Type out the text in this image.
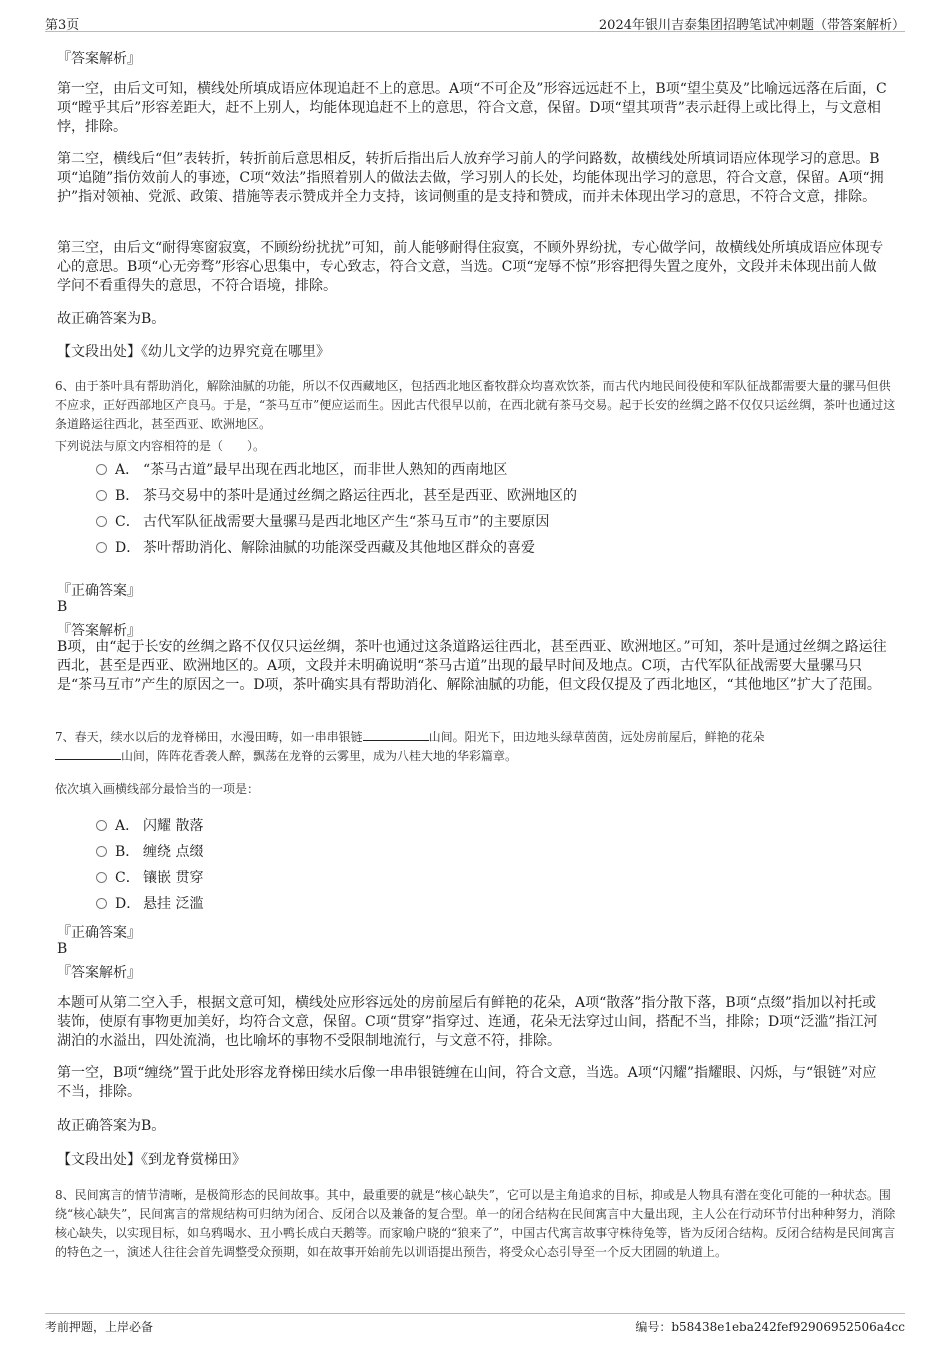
第3页	2024年银川吉泰集团招聘笔试冲刺题（带答案解析）
『答案解析』
第一空，由后文可知，横线处所填成语应体现追赶不上的意思。A项“不可企及”形容远远赶不上，B项“望尘莫及”比喻远远落在后面，C项“瞠乎其后”形容差距大，赶不上别人，均能体现追赶不上的意思，符合文意，保留。D项“望其项背”表示赶得上或比得上，与文意相悖，排除。
第二空，横线后“但”表转折，转折前后意思相反，转折后指出后人放弃学习前人的学问路数，故横线处所填词语应体现学习的意思。B项“追随”指仿效前人的事迹，C项“效法”指照着别人的做法去做，学习别人的长处，均能体现出学习的意思，符合文意，保留。A项“拥护”指对领袖、党派、政策、措施等表示赞成并全力支持，该词侧重的是支持和赞成，而并未体现出学习的意思，不符合文意，排除。
第三空，由后文“耐得寒窗寂寞，不顾纷纷扰扰”可知，前人能够耐得住寂寞，不顾外界纷扰，专心做学问，故横线处所填成语应体现专心的意思。B项“心无旁骛”形容心思集中，专心致志，符合文意，当选。C项“宠辱不惊”形容把得失置之度外，文段并未体现出前人做学问不看重得失的意思，不符合语境，排除。
故正确答案为B。
【文段出处】《幼儿文学的边界究竟在哪里》
6、由于茶叶具有帮助消化，解除油腻的功能，所以不仅西藏地区，包括西北地区畜牧群众均喜欢饮茶，而古代内地民间役使和军队征战都需要大量的骡马但供不应求，正好西部地区产良马。于是，“茶马互市”便应运而生。因此古代很早以前，在西北就有茶马交易。起于长安的丝绸之路不仅仅只运丝绸，茶叶也通过这条道路运往西北，甚至西亚、欧洲地区。
下列说法与原文内容相符的是（　　）。
A． “茶马古道”最早出现在西北地区，而非世人熟知的西南地区
B． 茶马交易中的茶叶是通过丝绸之路运往西北，甚至是西亚、欧洲地区的
C． 古代军队征战需要大量骡马是西北地区产生“茶马互市”的主要原因
D． 茶叶帮助消化、解除油腻的功能深受西藏及其他地区群众的喜爱
『正确答案』
B
『答案解析』
B项，由“起于长安的丝绸之路不仅仅只运丝绸，茶叶也通过这条道路运往西北，甚至西亚、欧洲地区。”可知，茶叶是通过丝绸之路运往西北，甚至是西亚、欧洲地区的。A项，文段并未明确说明“茶马古道”出现的最早时间及地点。C项，古代军队征战需要大量骡马只是“茶马互市”产生的原因之一。D项，茶叶确实具有帮助消化、解除油腻的功能，但文段仅提及了西北地区，“其他地区”扩大了范围。
7、春天，续水以后的龙脊梯田，水漫田畴，如一串串银链	山间。阳光下，田边地头绿草茵茵，远处房前屋后，鲜艳的花朵
山间，阵阵花香袭人醉，飘荡在龙脊的云雾里，成为八桂大地的华彩篇章。
依次填入画横线部分最恰当的一项是：
A． 闪耀 散落
B． 缠绕 点缀
C． 镶嵌 贯穿
D． 悬挂 泛滥
『正确答案』
B
『答案解析』
本题可从第二空入手，根据文意可知，横线处应形容远处的房前屋后有鲜艳的花朵，A项“散落”指分散下落，B项“点缀”指加以衬托或装饰，使原有事物更加美好，均符合文意，保留。C项“贯穿”指穿过、连通，花朵无法穿过山间，搭配不当，排除；D项“泛滥”指江河湖泊的水溢出，四处流淌，也比喻坏的事物不受限制地流行，与文意不符，排除。
第一空，B项“缠绕”置于此处形容龙脊梯田续水后像一串串银链缠在山间，符合文意，当选。A项“闪耀”指耀眼、闪烁，与“银链”对应不当，排除。
故正确答案为B。
【文段出处】《到龙脊赏梯田》
8、民间寓言的情节清晰，是极简形态的民间故事。其中，最重要的就是“核心缺失”，它可以是主角追求的目标，抑或是人物具有潜在变化可能的一种状态。围绕“核心缺失”，民间寓言的常规结构可归纳为闭合、反闭合以及兼备的复合型。单一的闭合结构在民间寓言中大量出现，主人公在行动环节付出种种努力，消除核心缺失，以实现目标，如乌鸦喝水、丑小鸭长成白天鹅等。而家喻户晓的“狼来了”，中国古代寓言故事守株待兔等，皆为反闭合结构。反闭合结构是民间寓言的特色之一，演述人往往会首先调整受众预期，如在故事开始前先以训语提出预告，将受众心态引导至一个反大团圆的轨道上。
考前押题，上岸必备	编号：b58438e1eba242fef92906952506a4cc
